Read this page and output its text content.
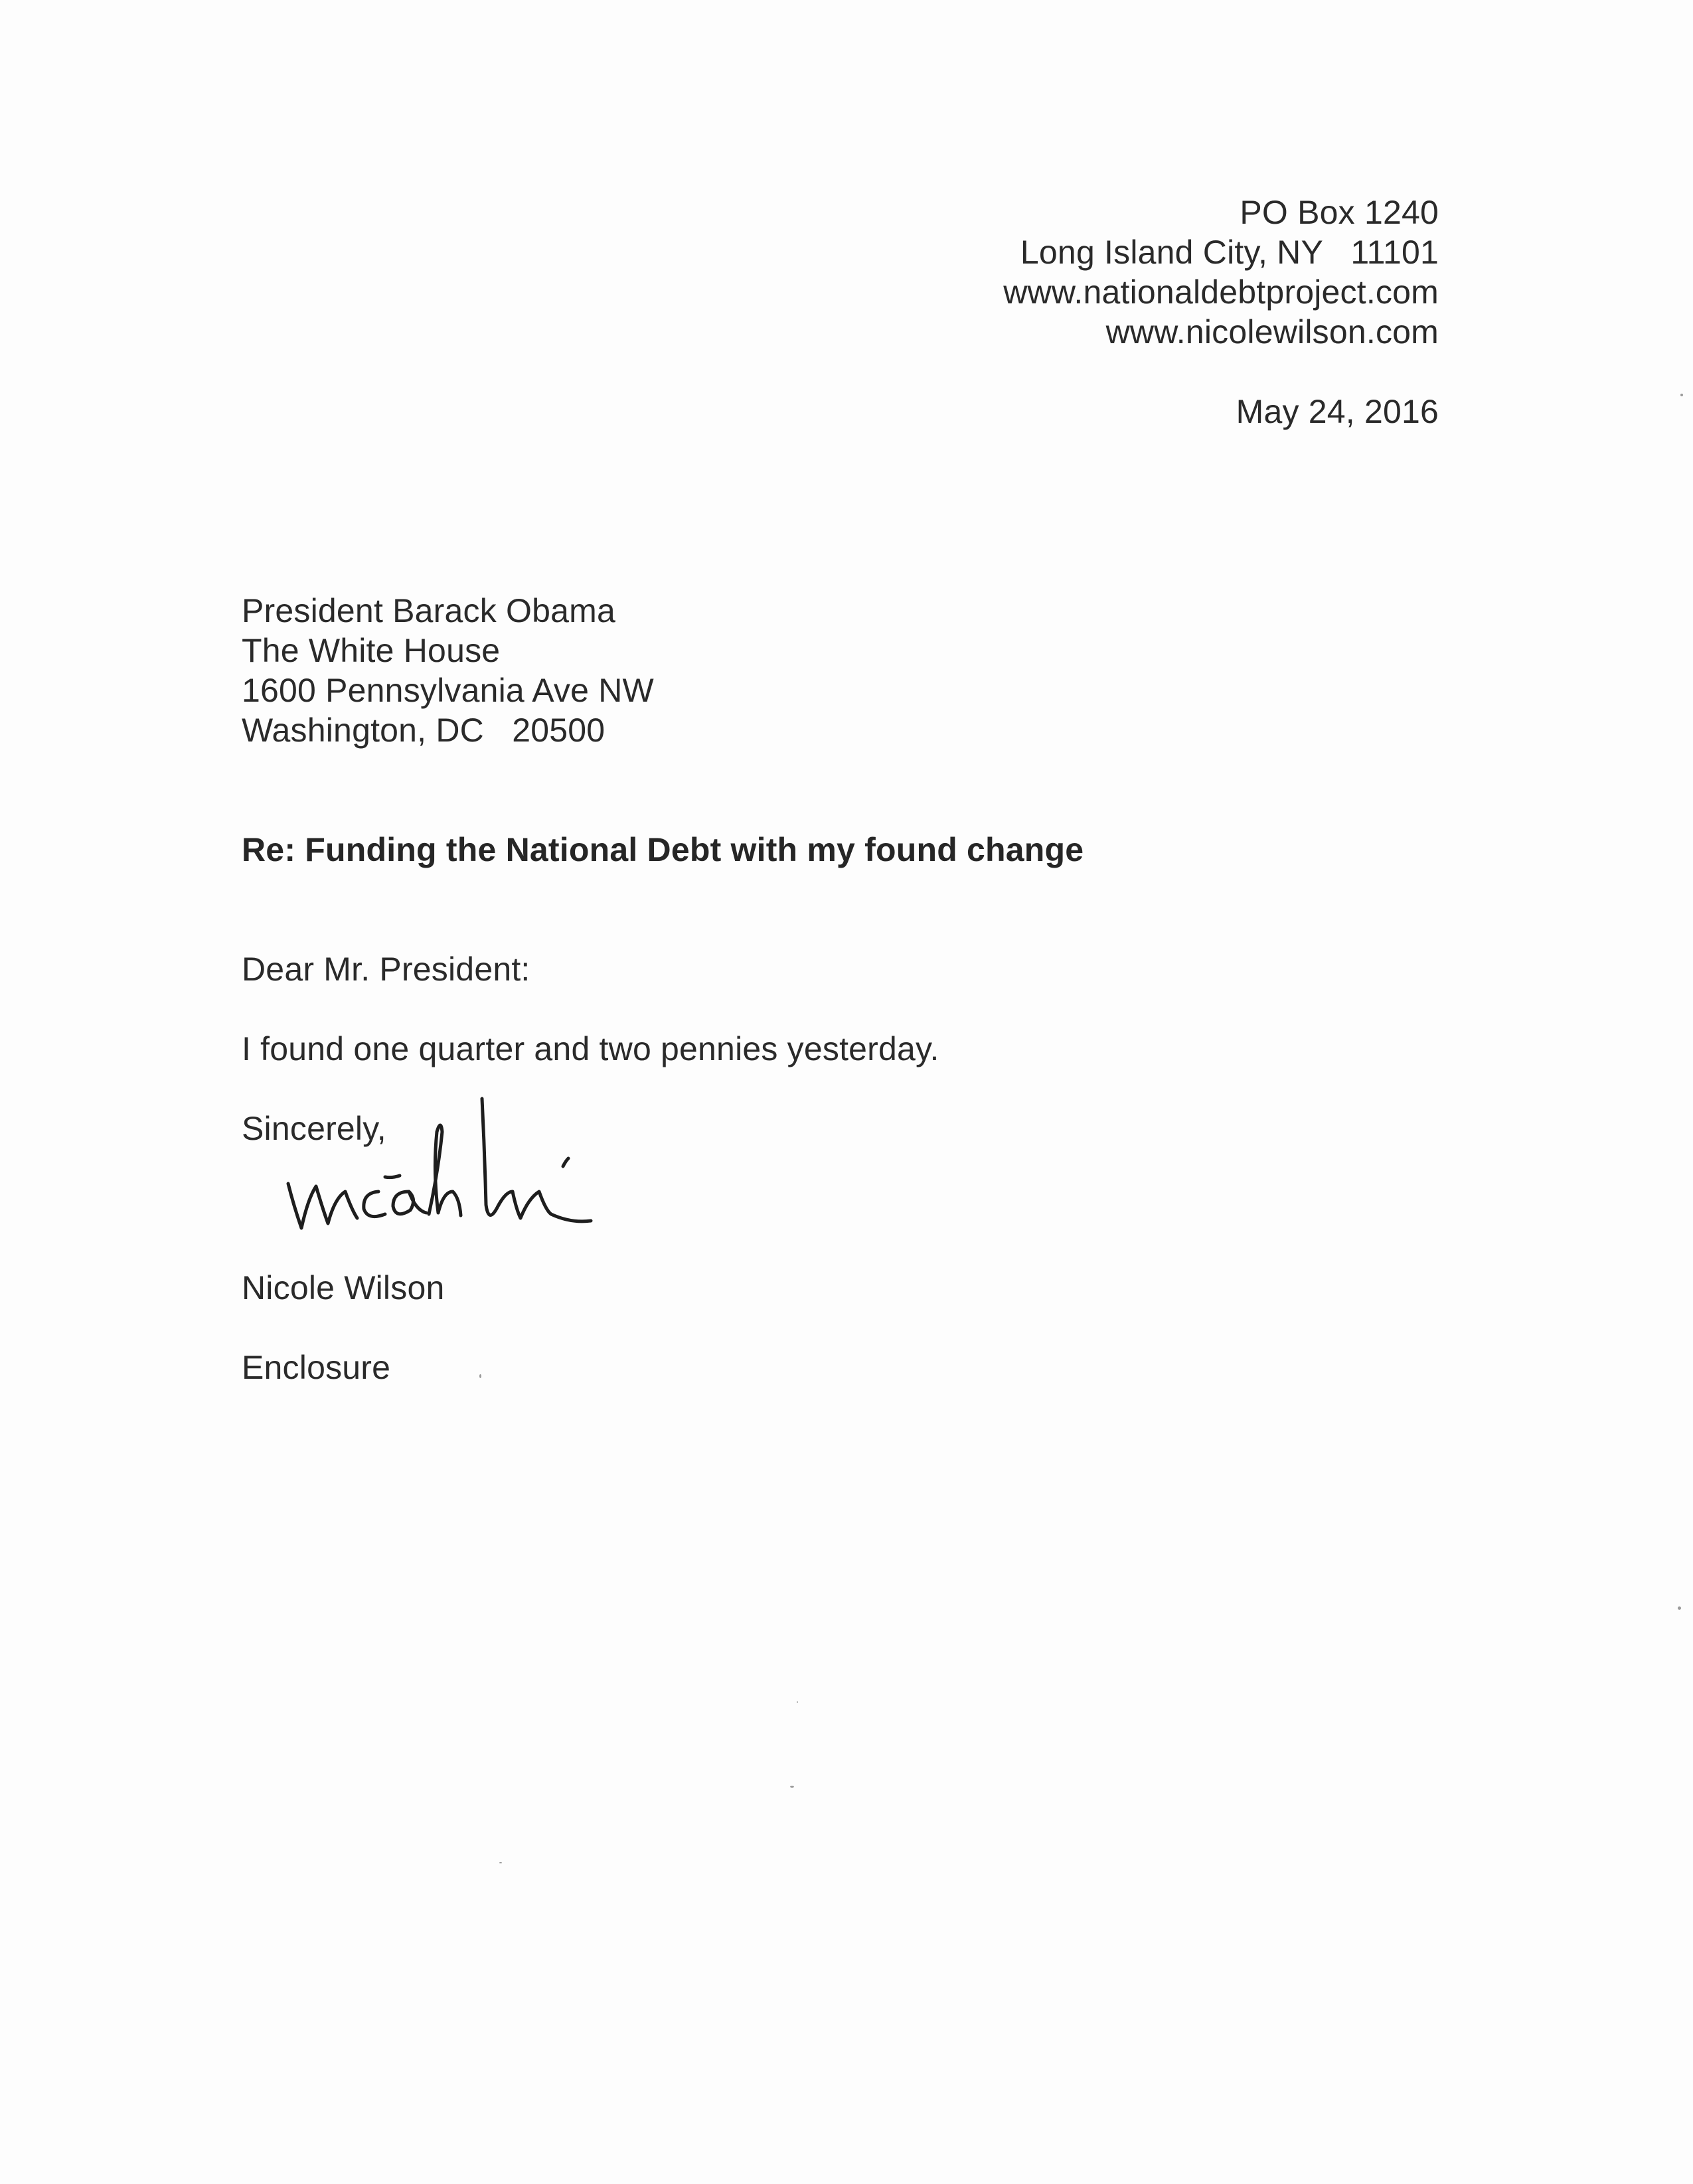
PO Box 1240
Long Island City, NY   11101
www.nationaldebtproject.com
www.nicolewilson.com
May 24, 2016
President Barack Obama
The White House
1600 Pennsylvania Ave NW
Washington, DC   20500
Re: Funding the National Debt with my found change
Dear Mr. President:
I found one quarter and two pennies yesterday.
Sincerely,
Nicole Wilson
Enclosure
